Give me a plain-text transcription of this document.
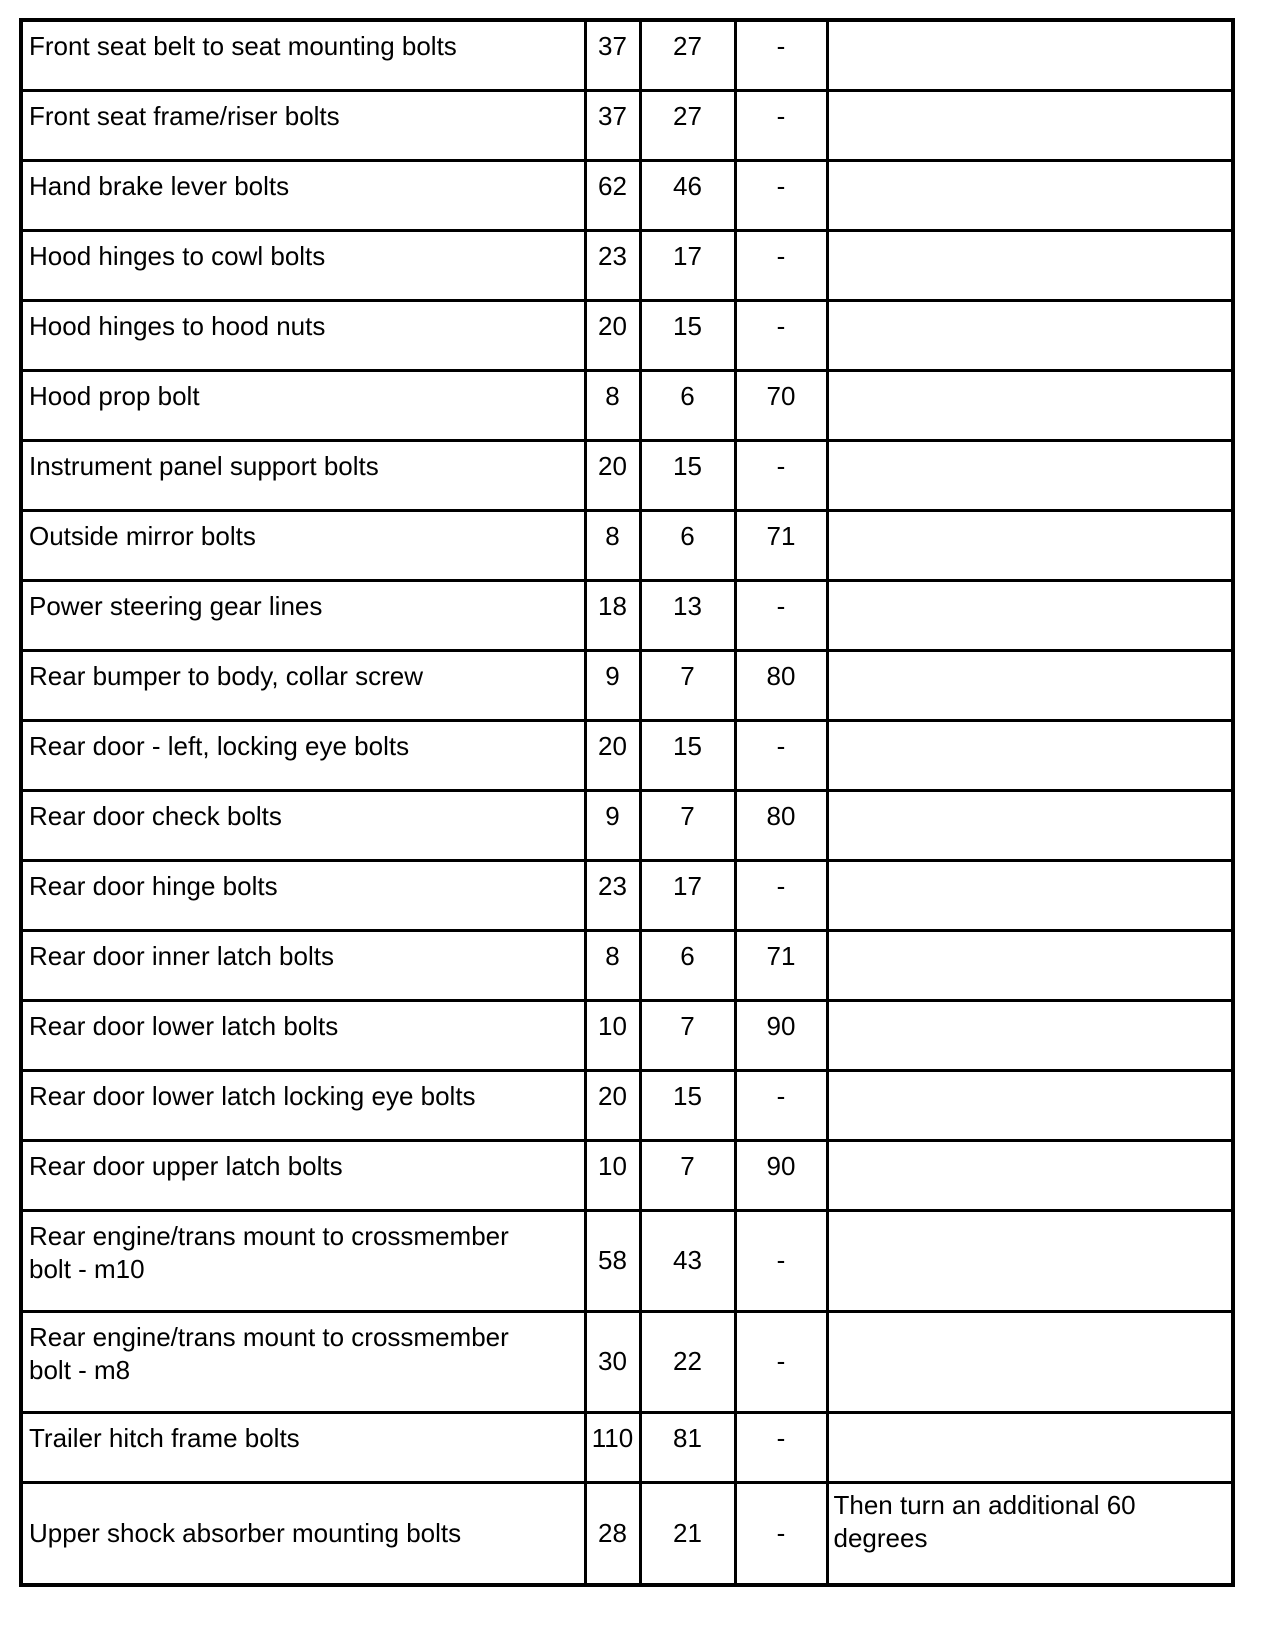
Front seat belt to seat mounting bolts	37	27	-	
Front seat frame/riser bolts	37	27	-	
Hand brake lever bolts	62	46	-	
Hood hinges to cowl bolts	23	17	-	
Hood hinges to hood nuts	20	15	-	
Hood prop bolt	8	6	70	
Instrument panel support bolts	20	15	-	
Outside mirror bolts	8	6	71	
Power steering gear lines	18	13	-	
Rear bumper to body, collar screw	9	7	80	
Rear door - left, locking eye bolts	20	15	-	
Rear door check bolts	9	7	80	
Rear door hinge bolts	23	17	-	
Rear door inner latch bolts	8	6	71	
Rear door lower latch bolts	10	7	90	
Rear door lower latch locking eye bolts	20	15	-	
Rear door upper latch bolts	10	7	90	
Rear engine/trans mount to crossmember bolt - m10	58	43	-	
Rear engine/trans mount to crossmember bolt - m8	30	22	-	
Trailer hitch frame bolts	110	81	-	
Upper shock absorber mounting bolts	28	21	-	Then turn an additional 60 degrees
